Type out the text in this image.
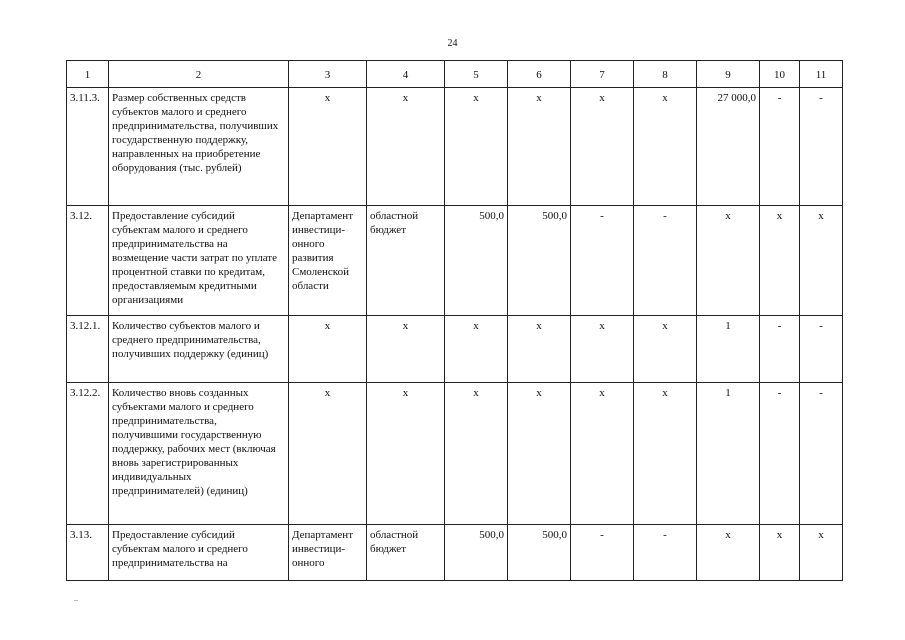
24
1	2	3	4	5	6	7	8	9	10	11
3.11.3.	Размер собственных средств субъектов малого и среднего предпринимательства, получивших государственную поддержку, направленных на приобретение оборудования (тыс. рублей)	х	х	х	х	х	х	27 000,0	-	-
3.12.	Предоставление субсидий субъектам малого и среднего предпринимательства на возмещение части затрат по уплате процентной ставки по кредитам, предоставляемым кредитными организациями	Департамент инвестици-онного развития Смоленской области	областной бюджет	500,0	500,0	-	-	х	х	х
3.12.1.	Количество субъектов малого и среднего предпринимательства, получивших поддержку (единиц)	х	х	х	х	х	х	1	-	-
3.12.2.	Количество вновь созданных субъектами малого и среднего предпринимательства, получившими государственную поддержку, рабочих мест (включая вновь зарегистрированных индивидуальных предпринимателей) (единиц)	х	х	х	х	х	х	1	-	-
3.13.	Предоставление субсидий субъектам малого и среднего предпринимательства на	Департамент инвестици-онного	областной бюджет	500,0	500,0	-	-	х	х	х
